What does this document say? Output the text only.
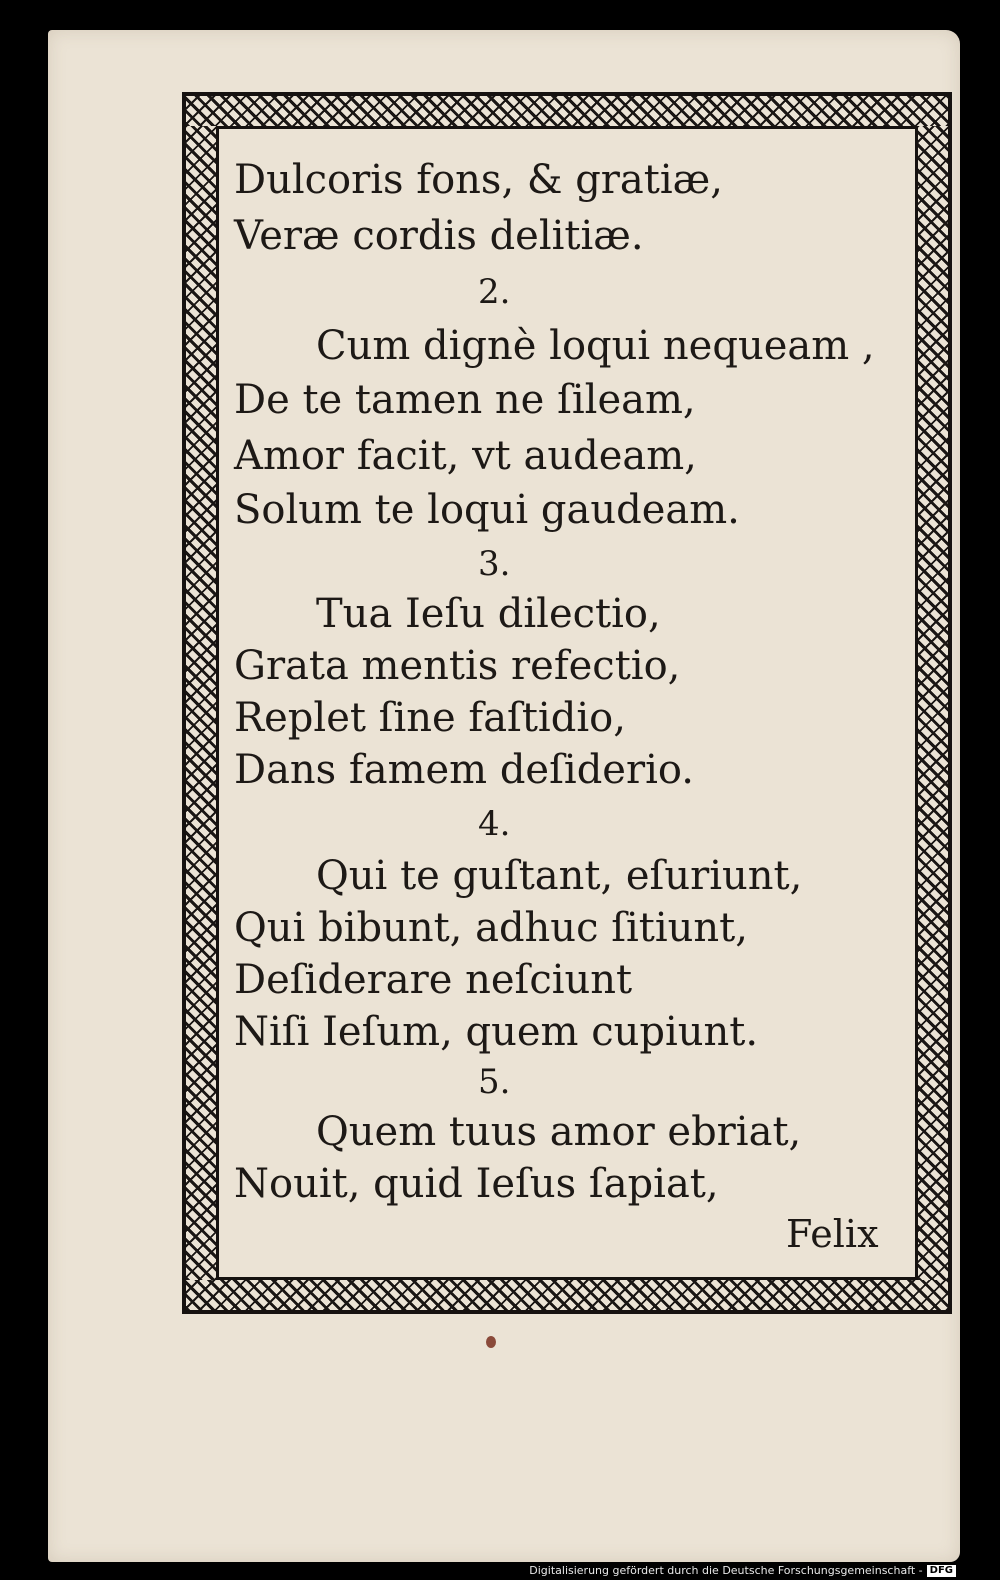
Dulcoris fons, & gratiæ,

Veræ cordis delitiæ.

2.

Cum dignè loqui nequeam ,

De te tamen ne ſileam,

Amor facit, vt audeam,

Solum te loqui gaudeam.

3.

Tua Ieſu dilectio,

Grata mentis refectio,

Replet ſine faſtidio,

Dans famem deſiderio.

4.

Qui te guſtant, eſuriunt,

Qui bibunt, adhuc ſitiunt,

Deſiderare neſciunt

Niſi Ieſum, quem cupiunt.

5.

Quem tuus amor ebriat,

Nouit, quid Ieſus ſapiat,

Felix

Digitalisierung gefördert durch die Deutsche Forschungsgemeinschaft - DFG
